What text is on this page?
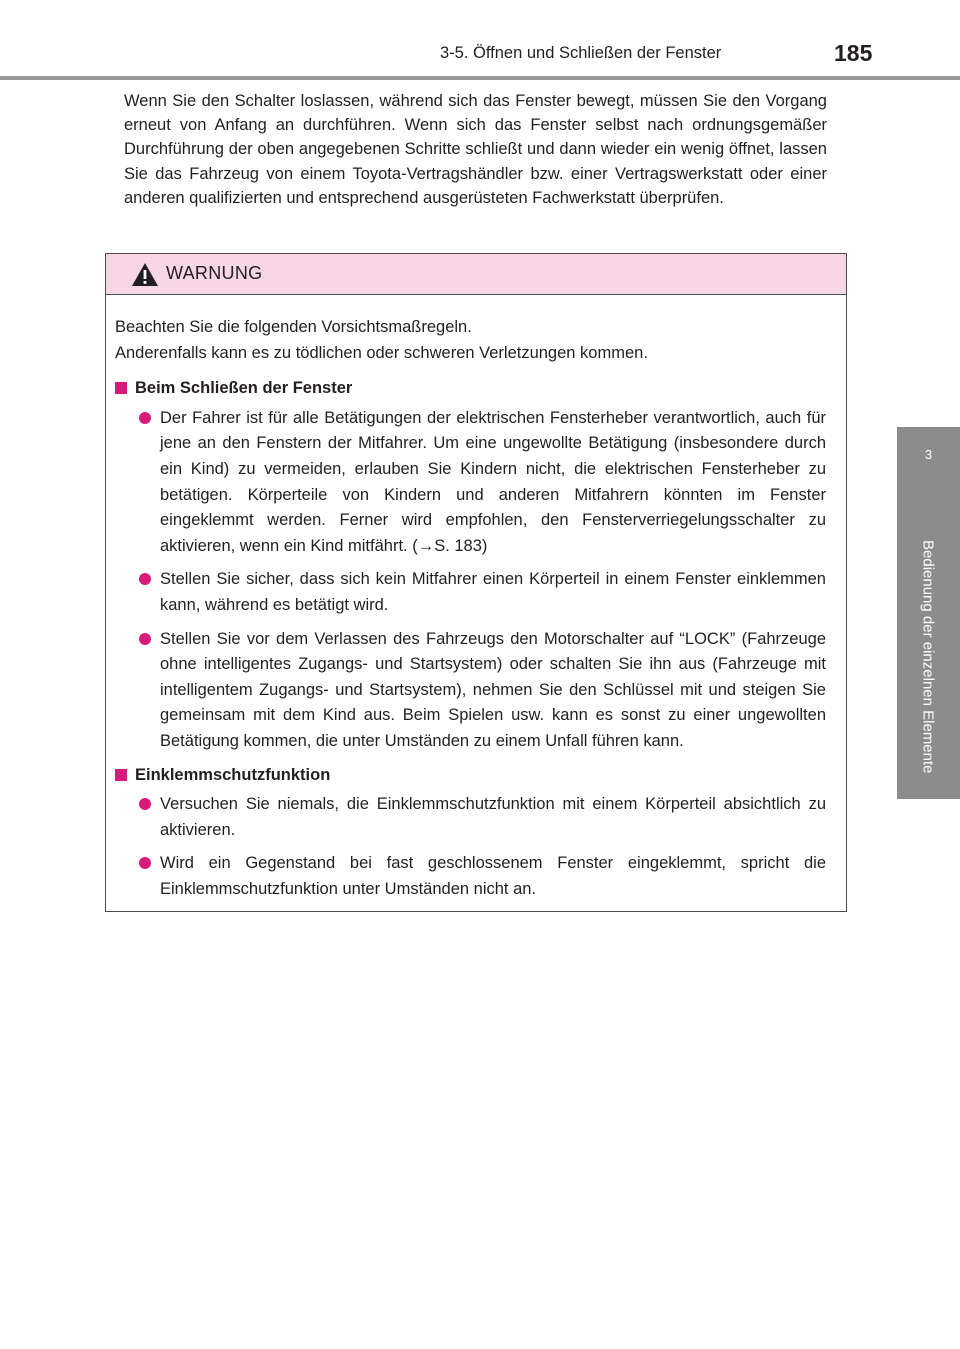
3-5. Öffnen und Schließen der Fenster	185
3
Bedienung der einzelnen Elemente

Wenn Sie den Schalter loslassen, während sich das Fenster bewegt, müssen Sie den Vorgang erneut von Anfang an durchführen. Wenn sich das Fenster selbst nach ordnungsgemäßer Durchführung der oben angegebenen Schritte schließt und dann wieder ein wenig öffnet, lassen Sie das Fahrzeug von einem Toyota-Vertragshändler bzw. einer Vertragswerkstatt oder einer anderen qualifizierten und entsprechend ausgerüsteten Fachwerkstatt überprüfen.

WARNUNG

Beachten Sie die folgenden Vorsichtsmaßregeln.

Anderenfalls kann es zu tödlichen oder schweren Verletzungen kommen.

Beim Schließen der Fenster

Der Fahrer ist für alle Betätigungen der elektrischen Fensterheber verantwortlich, auch für jene an den Fenstern der Mitfahrer. Um eine ungewollte Betätigung (insbesondere durch ein Kind) zu vermeiden, erlauben Sie Kindern nicht, die elektrischen Fensterheber zu betätigen. Körperteile von Kindern und anderen Mitfahrern könnten im Fenster eingeklemmt werden. Ferner wird empfohlen, den Fensterverriegelungsschalter zu aktivieren, wenn ein Kind mitfährt. (→S. 183)
Stellen Sie sicher, dass sich kein Mitfahrer einen Körperteil in einem Fenster einklemmen kann, während es betätigt wird.
Stellen Sie vor dem Verlassen des Fahrzeugs den Motorschalter auf “LOCK” (Fahrzeuge ohne intelligentes Zugangs- und Startsystem) oder schalten Sie ihn aus (Fahrzeuge mit intelligentem Zugangs- und Startsystem), nehmen Sie den Schlüssel mit und steigen Sie gemeinsam mit dem Kind aus. Beim Spielen usw. kann es sonst zu einer ungewollten Betätigung kommen, die unter Umständen zu einem Unfall führen kann.

Einklemmschutzfunktion

Versuchen Sie niemals, die Einklemmschutzfunktion mit einem Körperteil absichtlich zu aktivieren.
Wird ein Gegenstand bei fast geschlossenem Fenster eingeklemmt, spricht die Einklemmschutzfunktion unter Umständen nicht an.
